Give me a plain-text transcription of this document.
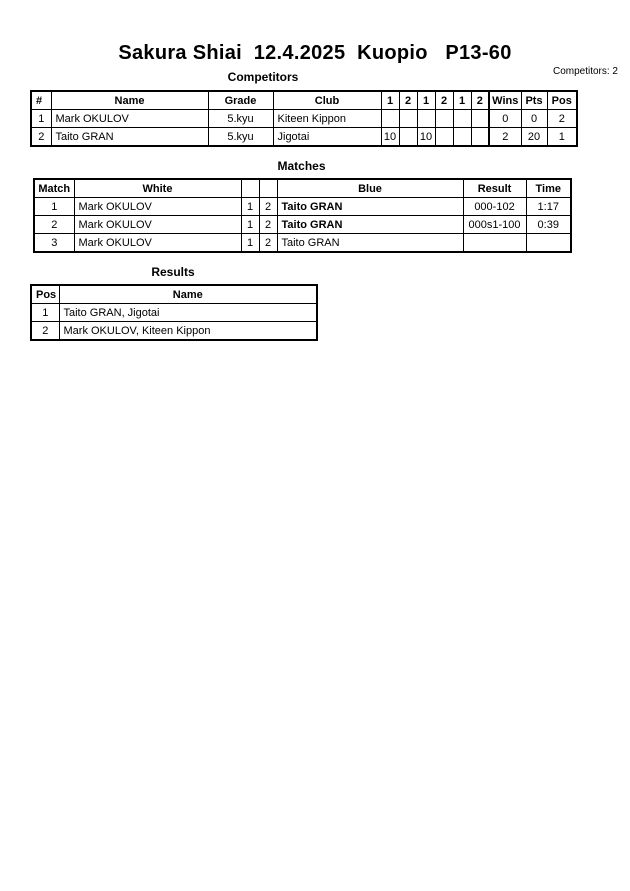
Sakura Shiai  12.4.2025  Kuopio   P13-60
Competitors: 2
Competitors
#	Name	Grade	Club	1	2	1	2	1	2	Wins	Pts	Pos
1	Mark OKULOV	5.kyu	Kiteen Kippon							0	0	2
2	Taito GRAN	5.kyu	Jigotai	10		10				2	20	1
Matches
Match	White			Blue	Result	Time
1	Mark OKULOV	1	2	Taito GRAN	000-102	1:17
2	Mark OKULOV	1	2	Taito GRAN	000s1-100	0:39
3	Mark OKULOV	1	2	Taito GRAN		
Results
Pos	Name
1	Taito GRAN, Jigotai
2	Mark OKULOV, Kiteen Kippon
